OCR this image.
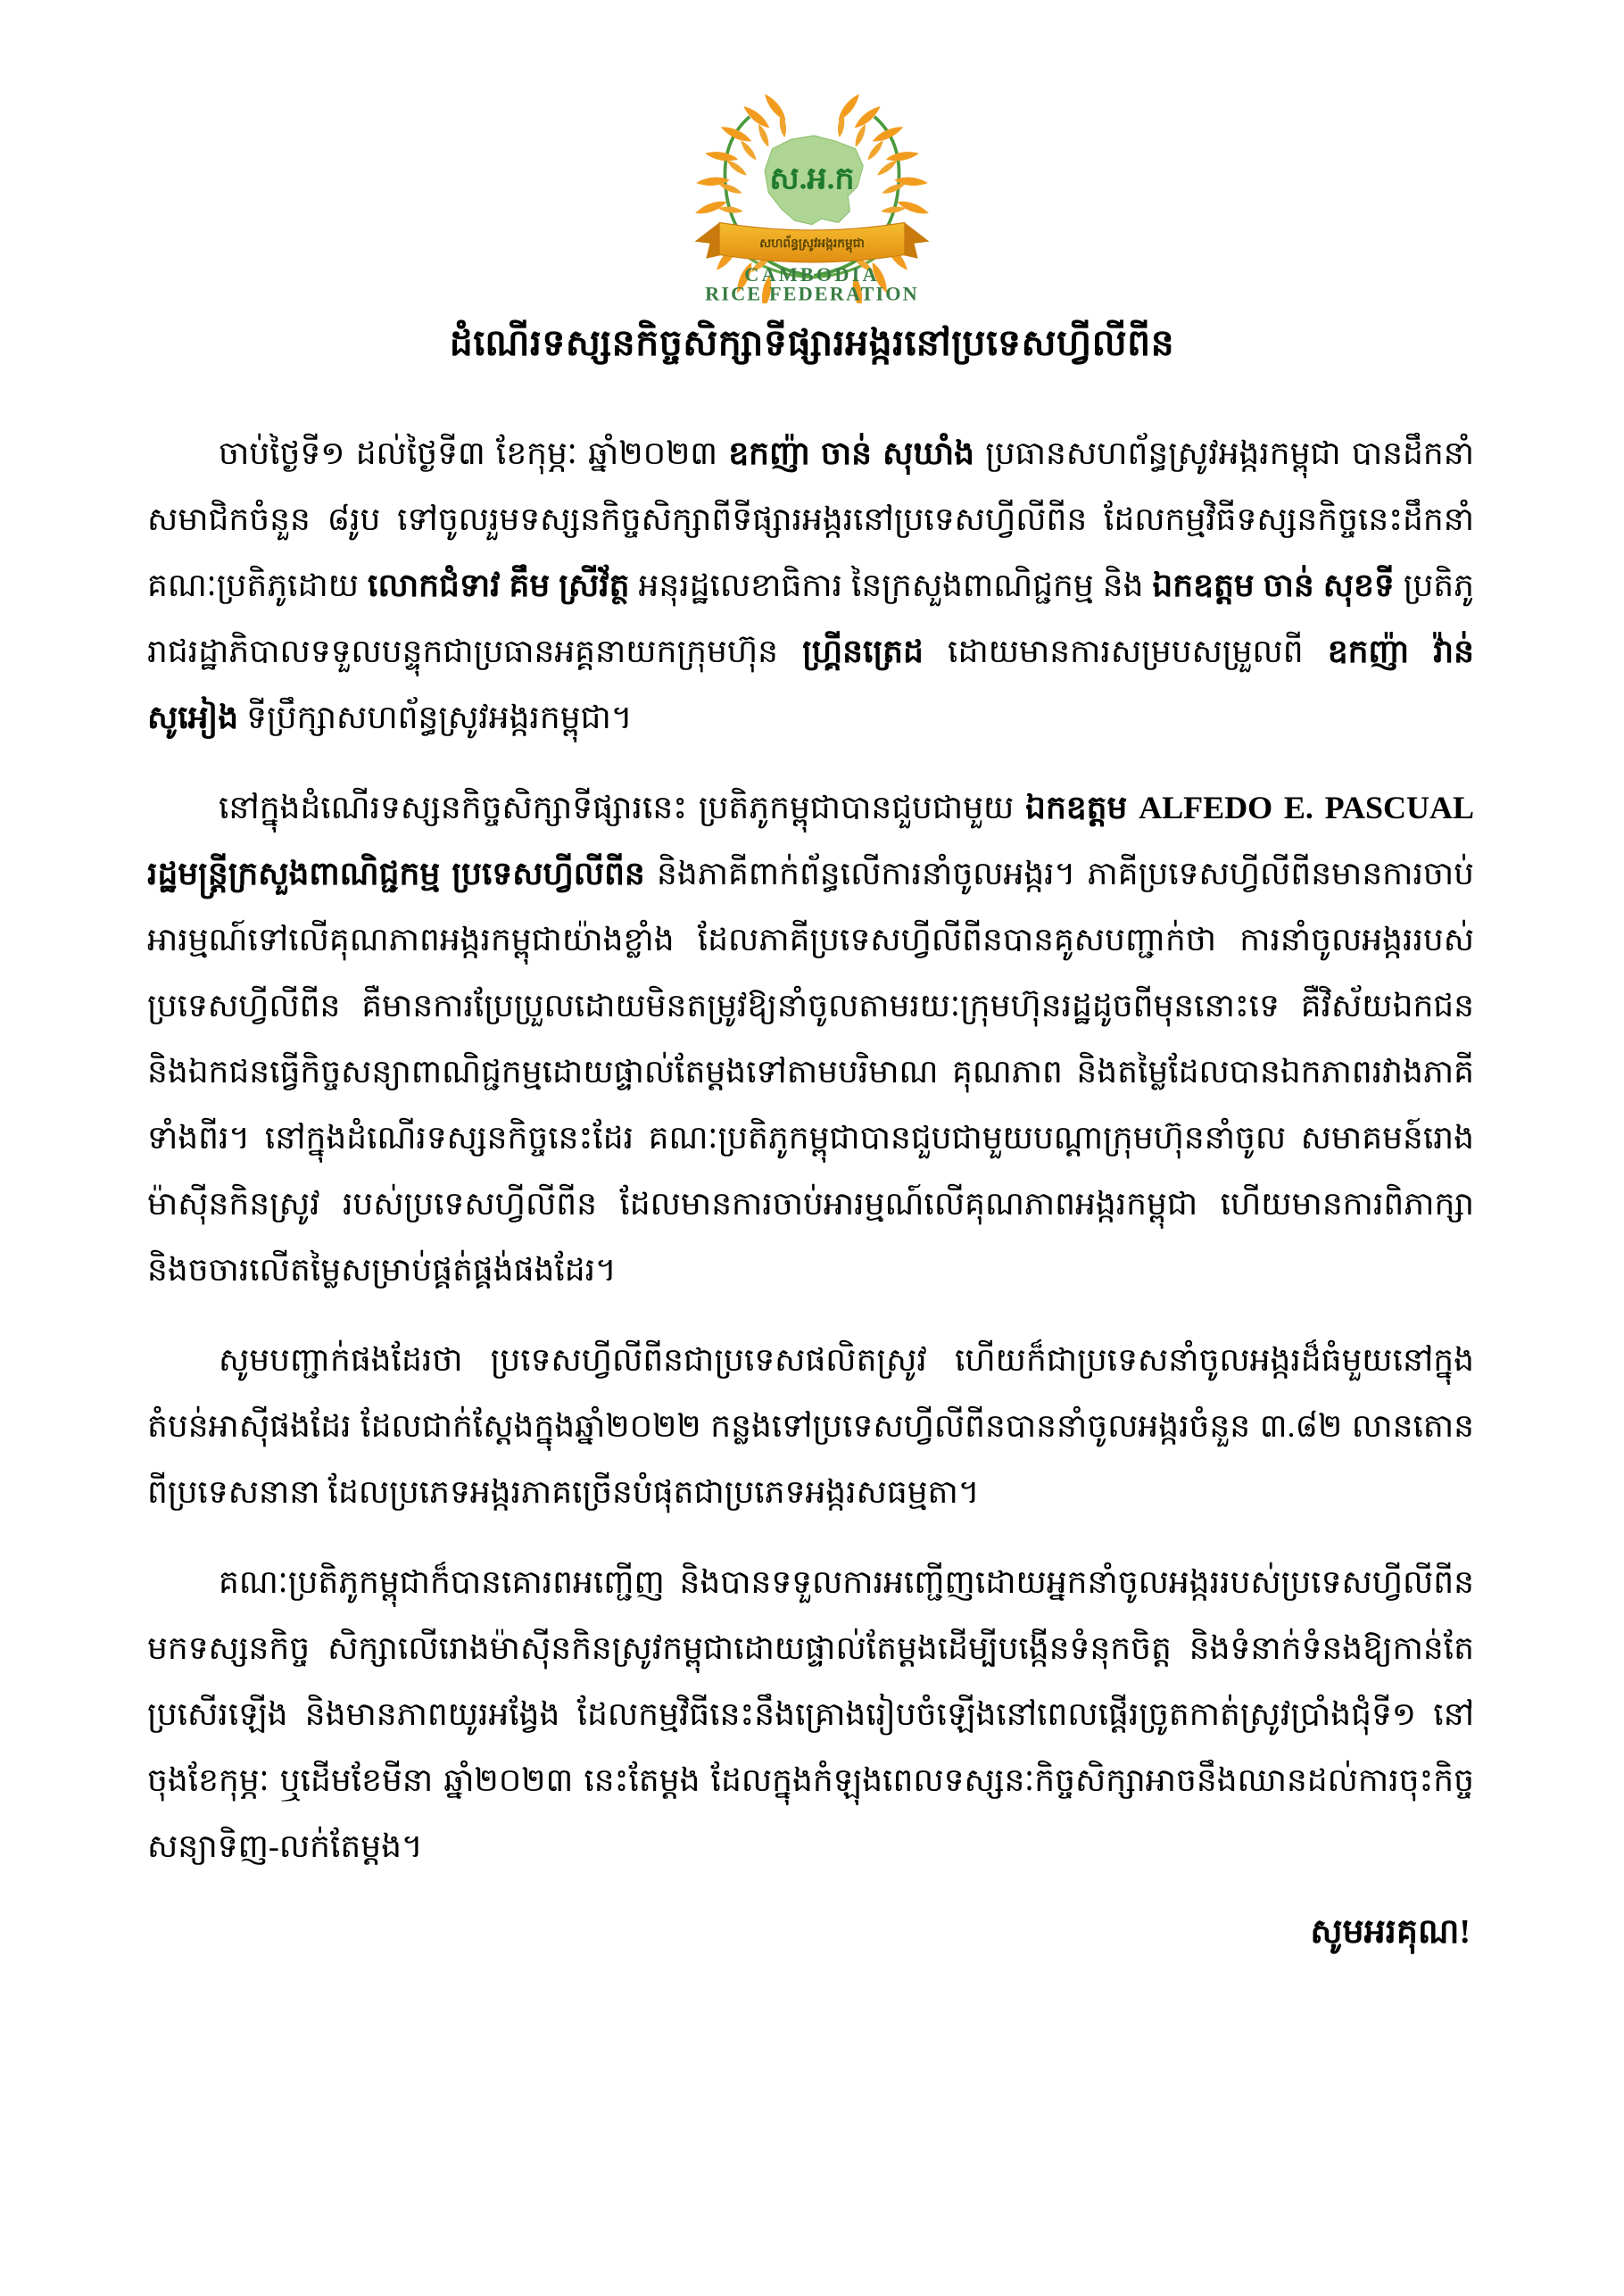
ស.អ.ក
សហព័ន្ធស្រូវអង្ករកម្ពុជា
CAMBODIA
RICE FEDERATION
ដំណើរទស្សនកិច្ចសិក្សាទីផ្សារអង្ករនៅប្រទេសហ្វីលីពីន

ចាប់ថ្ងៃទី១ ដល់ថ្ងៃទី៣ ខែកុម្ភៈ ឆ្នាំ២០២៣ ឧកញ៉ា ចាន់ សុឃាំង ប្រធានសហព័ន្ធស្រូវអង្ករកម្ពុជា បានដឹកនាំសមាជិកចំនួន ៨រូប ទៅចូលរួមទស្សនកិច្ចសិក្សាពីទីផ្សារអង្ករនៅប្រទេសហ្វីលីពីន ដែលកម្មវិធីទស្សនកិច្ចនេះដឹកនាំគណៈប្រតិភូដោយ លោកជំទាវ គឹម ស្រីវ័ត្ថ អនុរដ្ឋលេខាធិការ នៃក្រសួងពាណិជ្ជកម្ម និង ឯកឧត្តម ចាន់ សុខទី ប្រតិភូរាជរដ្ឋាភិបាលទទួលបន្ទុកជាប្រធានអគ្គនាយកក្រុមហ៊ុន ហ្គ្រីនត្រេដ ដោយមានការសម្របសម្រួលពី ឧកញ៉ា វ៉ាន់ សូអៀង ទីប្រឹក្សាសហព័ន្ធស្រូវអង្ករកម្ពុជា។

នៅក្នុងដំណើរទស្សនកិច្ចសិក្សាទីផ្សារនេះ ប្រតិភូកម្ពុជាបានជួបជាមួយ ឯកឧត្តម ALFEDO E. PASCUAL រដ្ឋមន្ត្រីក្រសួងពាណិជ្ជកម្ម ប្រទេសហ្វីលីពីន និងភាគីពាក់ព័ន្ធលើការនាំចូលអង្ករ។ ភាគីប្រទេសហ្វីលីពីនមានការចាប់អារម្មណ៍ទៅលើគុណភាពអង្ករកម្ពុជាយ៉ាងខ្លាំង ដែលភាគីប្រទេសហ្វីលីពីនបានគូសបញ្ជាក់ថា ការនាំចូលអង្កររបស់ប្រទេសហ្វីលីពីន គឺមានការប្រែប្រួលដោយមិនតម្រូវឱ្យនាំចូលតាមរយៈក្រុមហ៊ុនរដ្ឋដូចពីមុននោះទេ គឺវិស័យឯកជន និងឯកជនធ្វើកិច្ចសន្យាពាណិជ្ជកម្មដោយផ្ទាល់តែម្តងទៅតាមបរិមាណ គុណភាព និងតម្លៃដែលបានឯកភាពរវាងភាគីទាំងពីរ។ នៅក្នុងដំណើរទស្សនកិច្ចនេះដែរ គណៈប្រតិភូកម្ពុជាបានជួបជាមួយបណ្តាក្រុមហ៊ុននាំចូល សមាគមន៍រោងម៉ាស៊ីនកិនស្រូវ របស់ប្រទេសហ្វីលីពីន ដែលមានការចាប់អារម្មណ៍លើគុណភាពអង្ករកម្ពុជា ហើយមានការពិភាក្សានិងចចារលើតម្លៃសម្រាប់ផ្គត់ផ្គង់ផងដែរ។

សូមបញ្ជាក់ផងដែរថា ប្រទេសហ្វីលីពីនជាប្រទេសផលិតស្រូវ ហើយក៏ជាប្រទេសនាំចូលអង្ករដ៏ធំមួយនៅក្នុងតំបន់អាស៊ីផងដែរ ដែលជាក់ស្តែងក្នុងឆ្នាំ២០២២ កន្លងទៅប្រទេសហ្វីលីពីនបាននាំចូលអង្ករចំនួន ៣.៨២ លានតោន ពីប្រទេសនានា ដែលប្រភេទអង្ករភាគច្រើនបំផុតជាប្រភេទអង្ករសធម្មតា។

គណៈប្រតិភូកម្ពុជាក៏បានគោរពអញ្ជើញ និងបានទទួលការអញ្ជើញដោយអ្នកនាំចូលអង្កររបស់ប្រទេសហ្វីលីពីន មកទស្សនកិច្ច សិក្សាលើរោងម៉ាស៊ីនកិនស្រូវកម្ពុជាដោយផ្ទាល់តែម្តងដើម្បីបង្កើនទំនុកចិត្ត និងទំនាក់ទំនងឱ្យកាន់តែប្រសើរឡើង និងមានភាពយូរអង្វែង ដែលកម្មវិធីនេះនឹងគ្រោងរៀបចំឡើងនៅពេលផ្តើរច្រូតកាត់ស្រូវប្រាំងជុំទី១ នៅចុងខែកុម្ភៈ ឬដើមខែមីនា ឆ្នាំ២០២៣ នេះតែម្តង ដែលក្នុងកំឡុងពេលទស្សនៈកិច្ចសិក្សាអាចនឹងឈានដល់ការចុះកិច្ចសន្យាទិញ-លក់តែម្តង។

សូមអរគុណ!
